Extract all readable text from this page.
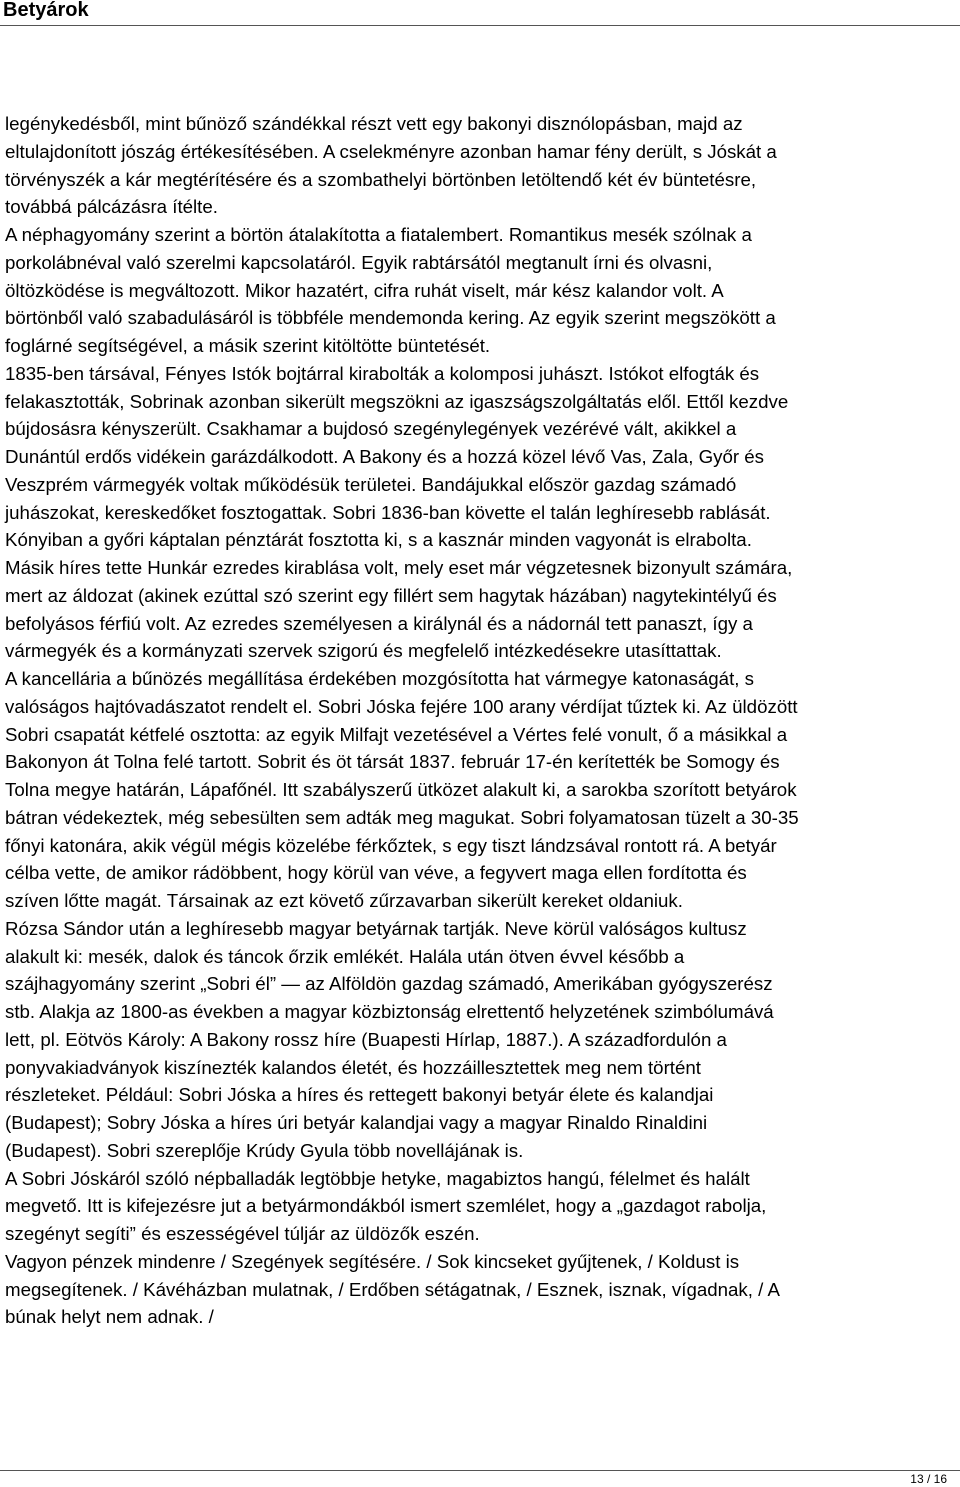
Betyárok

legénykedésből, mint bűnöző szándékkal részt vett egy bakonyi disznólopásban, majd az

eltulajdonított jószág értékesítésében. A cselekményre azonban hamar fény derült, s Jóskát a

törvényszék a kár megtérítésére és a szombathelyi börtönben letöltendő két év büntetésre,

továbbá pálcázásra ítélte.

A néphagyomány szerint a börtön átalakította a fiatalembert. Romantikus mesék szólnak a

porkolábnéval való szerelmi kapcsolatáról. Egyik rabtársától megtanult írni és olvasni,

öltözködése is megváltozott. Mikor hazatért, cifra ruhát viselt, már kész kalandor volt. A

börtönből való szabadulásáról is többféle mendemonda kering. Az egyik szerint megszökött a

foglárné segítségével, a másik szerint kitöltötte büntetését.

1835-ben társával, Fényes Istók bojtárral kirabolták a kolomposi juhászt. Istókot elfogták és

felakasztották, Sobrinak azonban sikerült megszökni az igaszságszolgáltatás elől. Ettől kezdve

bújdosásra kényszerült. Csakhamar a bujdosó szegénylegények vezérévé vált, akikkel a

Dunántúl erdős vidékein garázdálkodott. A Bakony és a hozzá közel lévő Vas, Zala, Győr és

Veszprém vármegyék voltak működésük területei. Bandájukkal először gazdag számadó

juhászokat, kereskedőket fosztogattak. Sobri 1836-ban követte el talán leghíresebb rablását.

Kónyiban a győri káptalan pénztárát fosztotta ki, s a kasznár minden vagyonát is elrabolta.

Másik híres tette Hunkár ezredes kirablása volt, mely eset már végzetesnek bizonyult számára,

mert az áldozat (akinek ezúttal szó szerint egy fillért sem hagytak házában) nagytekintélyű és

befolyásos férfiú volt. Az ezredes személyesen a királynál és a nádornál tett panaszt, így a

vármegyék és a kormányzati szervek szigorú és megfelelő intézkedésekre utasíttattak.

A kancellária a bűnözés megállítása érdekében mozgósította hat vármegye katonaságát, s

valóságos hajtóvadászatot rendelt el. Sobri Jóska fejére 100 arany vérdíjat tűztek ki. Az üldözött

Sobri csapatát kétfelé osztotta: az egyik Milfajt vezetésével a Vértes felé vonult, ő a másikkal a

Bakonyon át Tolna felé tartott. Sobrit és öt társát 1837. február 17-én kerítették be Somogy és

Tolna megye határán, Lápafőnél. Itt szabályszerű ütközet alakult ki, a sarokba szorított betyárok

bátran védekeztek, még sebesülten sem adták meg magukat. Sobri folyamatosan tüzelt a 30-35

főnyi katonára, akik végül mégis közelébe férkőztek, s egy tiszt lándzsával rontott rá. A betyár

célba vette, de amikor rádöbbent, hogy körül van véve, a fegyvert maga ellen fordította és

szíven lőtte magát. Társainak az ezt követő zűrzavarban sikerült kereket oldaniuk.

Rózsa Sándor után a leghíresebb magyar betyárnak tartják. Neve körül valóságos kultusz

alakult ki: mesék, dalok és táncok őrzik emlékét. Halála után ötven évvel később a

szájhagyomány szerint „Sobri él” — az Alföldön gazdag számadó, Amerikában gyógyszerész

stb. Alakja az 1800-as években a magyar közbiztonság elrettentő helyzetének szimbólumává

lett, pl. Eötvös Károly: A Bakony rossz híre (Buapesti Hírlap, 1887.). A századfordulón a

ponyvakiadványok kiszínezték kalandos életét, és hozzáillesztettek meg nem történt

részleteket. Például: Sobri Jóska a híres és rettegett bakonyi betyár élete és kalandjai

(Budapest); Sobry Jóska a híres úri betyár kalandjai vagy a magyar Rinaldo Rinaldini

(Budapest). Sobri szereplője Krúdy Gyula több novellájának is.

A Sobri Jóskáról szóló népballadák legtöbbje hetyke, magabiztos hangú, félelmet és halált

megvető. Itt is kifejezésre jut a betyármondákból ismert szemlélet, hogy a „gazdagot rabolja,

szegényt segíti” és eszességével túljár az üldözők eszén.

Vagyon pénzek mindenre / Szegények segítésére. / Sok kincseket gyűjtenek, / Koldust is

megsegítenek. / Kávéházban mulatnak, / Erdőben sétágatnak, / Esznek, isznak, vígadnak, / A

búnak helyt nem adnak. /

13 / 16
